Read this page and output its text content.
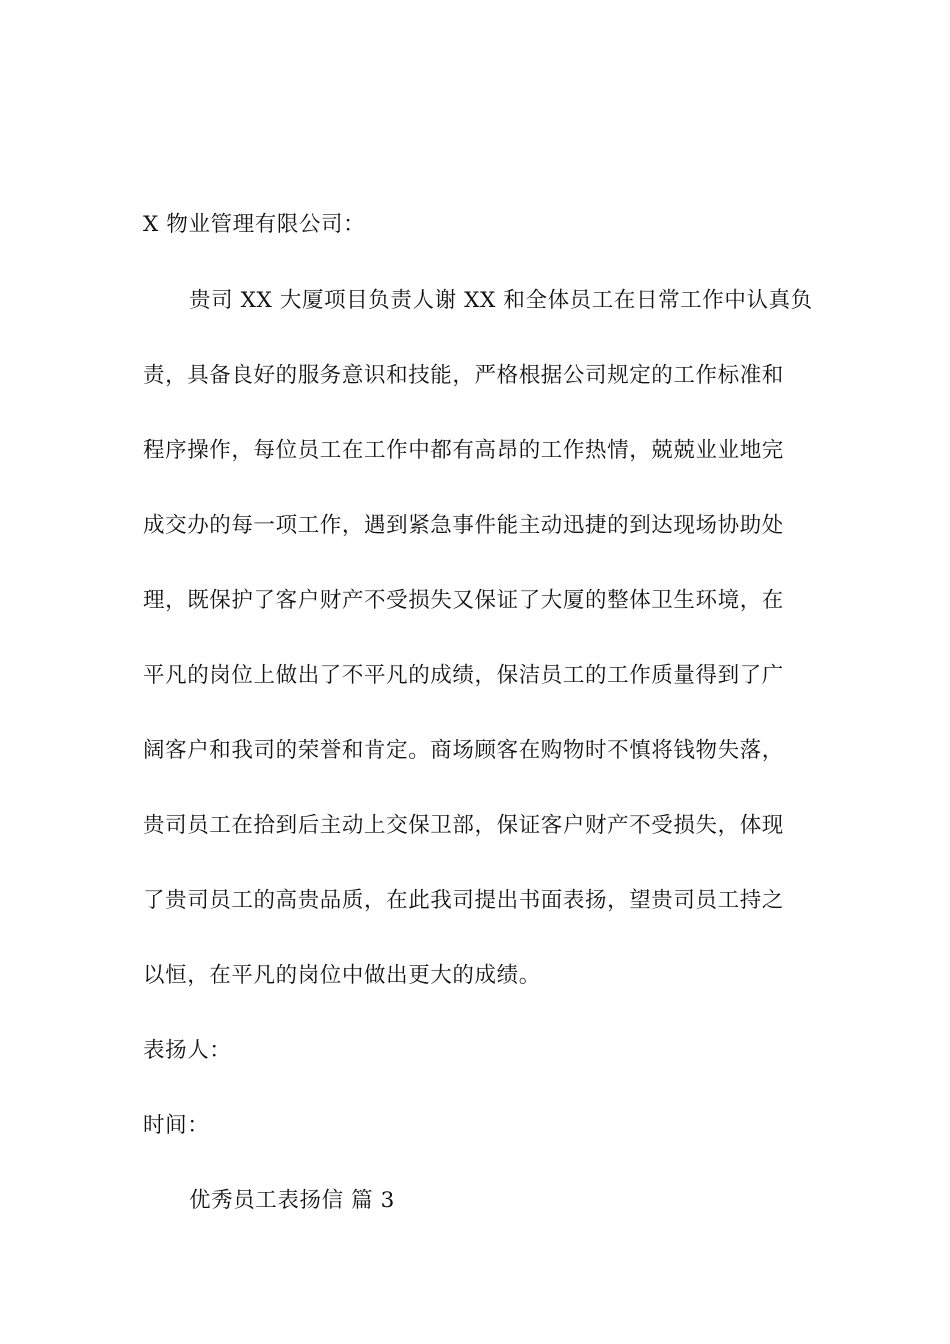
X 物业管理有限公司：
贵司 XX 大厦项目负责人谢 XX 和全体员工在日常工作中认真负
责，具备良好的服务意识和技能，严格根据公司规定的工作标准和
程序操作，每位员工在工作中都有高昂的工作热情，兢兢业业地完
成交办的每一项工作，遇到紧急事件能主动迅捷的到达现场协助处
理，既保护了客户财产不受损失又保证了大厦的整体卫生环境，在
平凡的岗位上做出了不平凡的成绩，保洁员工的工作质量得到了广
阔客户和我司的荣誉和肯定。商场顾客在购物时不慎将钱物失落，
贵司员工在拾到后主动上交保卫部，保证客户财产不受损失，体现
了贵司员工的高贵品质，在此我司提出书面表扬，望贵司员工持之
以恒，在平凡的岗位中做出更大的成绩。
表扬人：
时间：
优秀员工表扬信 篇 3
